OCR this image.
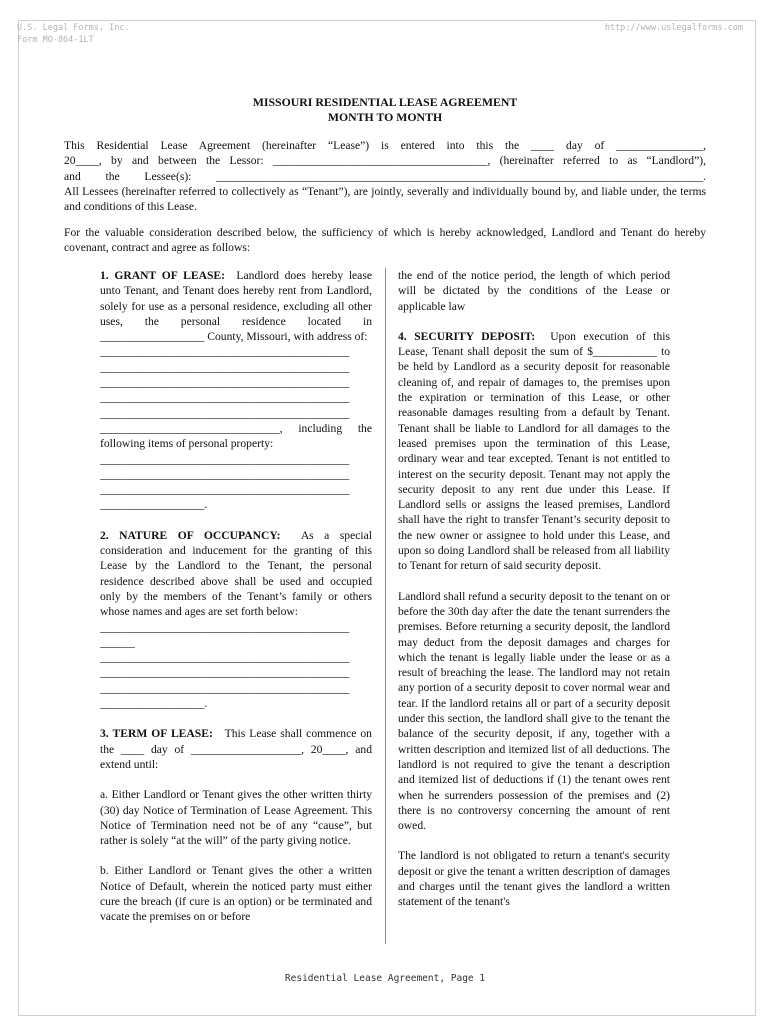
U.S. Legal Forms, Inc.
Form MO-864-1LT
http://www.uslegalforms.com
MISSOURI RESIDENTIAL LEASE AGREEMENT
MONTH TO MONTH

This Residential Lease Agreement (hereinafter “Lease”) is entered into this the ____ day of _______________,

20____, by and between the Lessor: _____________________________________, (hereinafter referred to as “Landlord”),

and the Lessee(s): ____________________________________________________________________________________.

All Lessees (hereinafter referred to collectively as “Tenant”), are jointly, severally and individually bound by, and liable under, the terms and conditions of this Lease.

For the valuable consideration described below, the sufficiency of which is hereby acknowledged, Landlord and Tenant do hereby covenant, contract and agree as follows:

1. GRANT OF LEASE: Landlord does hereby lease unto Tenant, and Tenant does hereby rent from Landlord, solely for use as a personal residence, excluding all other uses, the personal residence located in __________________ County, Missouri, with address of:

___________________________________________
___________________________________________
___________________________________________
___________________________________________
___________________________________________

_______________________________, including the following items of personal property:

___________________________________________
___________________________________________
___________________________________________
__________________.

2. NATURE OF OCCUPANCY: As a special consideration and inducement for the granting of this Lease by the Landlord to the Tenant, the personal residence described above shall be used and occupied only by the members of the Tenant’s family or others whose names and ages are set forth below:

___________________________________________
______
___________________________________________
___________________________________________
___________________________________________
__________________.

3. TERM OF LEASE: This Lease shall commence on the ____ day of ___________________, 20____, and extend until:

a. Either Landlord or Tenant gives the other written thirty (30) day Notice of Termination of Lease Agreement. This Notice of Termination need not be of any “cause”, but rather is solely “at the will” of the party giving notice.

b. Either Landlord or Tenant gives the other a written Notice of Default, wherein the noticed party must either cure the breach (if cure is an option) or be terminated and vacate the premises on or before

the end of the notice period, the length of which period will be dictated by the conditions of the Lease or applicable law

4. SECURITY DEPOSIT: Upon execution of this Lease, Tenant shall deposit the sum of $___________ to be held by Landlord as a security deposit for reasonable cleaning of, and repair of damages to, the premises upon the expiration or termination of this Lease, or other reasonable damages resulting from a default by Tenant. Tenant shall be liable to Landlord for all damages to the leased premises upon the termination of this Lease, ordinary wear and tear excepted. Tenant is not entitled to interest on the security deposit. Tenant may not apply the security deposit to any rent due under this Lease. If Landlord sells or assigns the leased premises, Landlord shall have the right to transfer Tenant’s security deposit to the new owner or assignee to hold under this Lease, and upon so doing Landlord shall be released from all liability to Tenant for return of said security deposit.

Landlord shall refund a security deposit to the tenant on or before the 30th day after the date the tenant surrenders the premises. Before returning a security deposit, the landlord may deduct from the deposit damages and charges for which the tenant is legally liable under the lease or as a result of breaching the lease. The landlord may not retain any portion of a security deposit to cover normal wear and tear. If the landlord retains all or part of a security deposit under this section, the landlord shall give to the tenant the balance of the security deposit, if any, together with a written description and itemized list of all deductions. The landlord is not required to give the tenant a description and itemized list of deductions if (1) the tenant owes rent when he surrenders possession of the premises and (2) there is no controversy concerning the amount of rent owed.

The landlord is not obligated to return a tenant's security deposit or give the tenant a written description of damages and charges until the tenant gives the landlord a written statement of the tenant's

Residential Lease Agreement, Page 1
